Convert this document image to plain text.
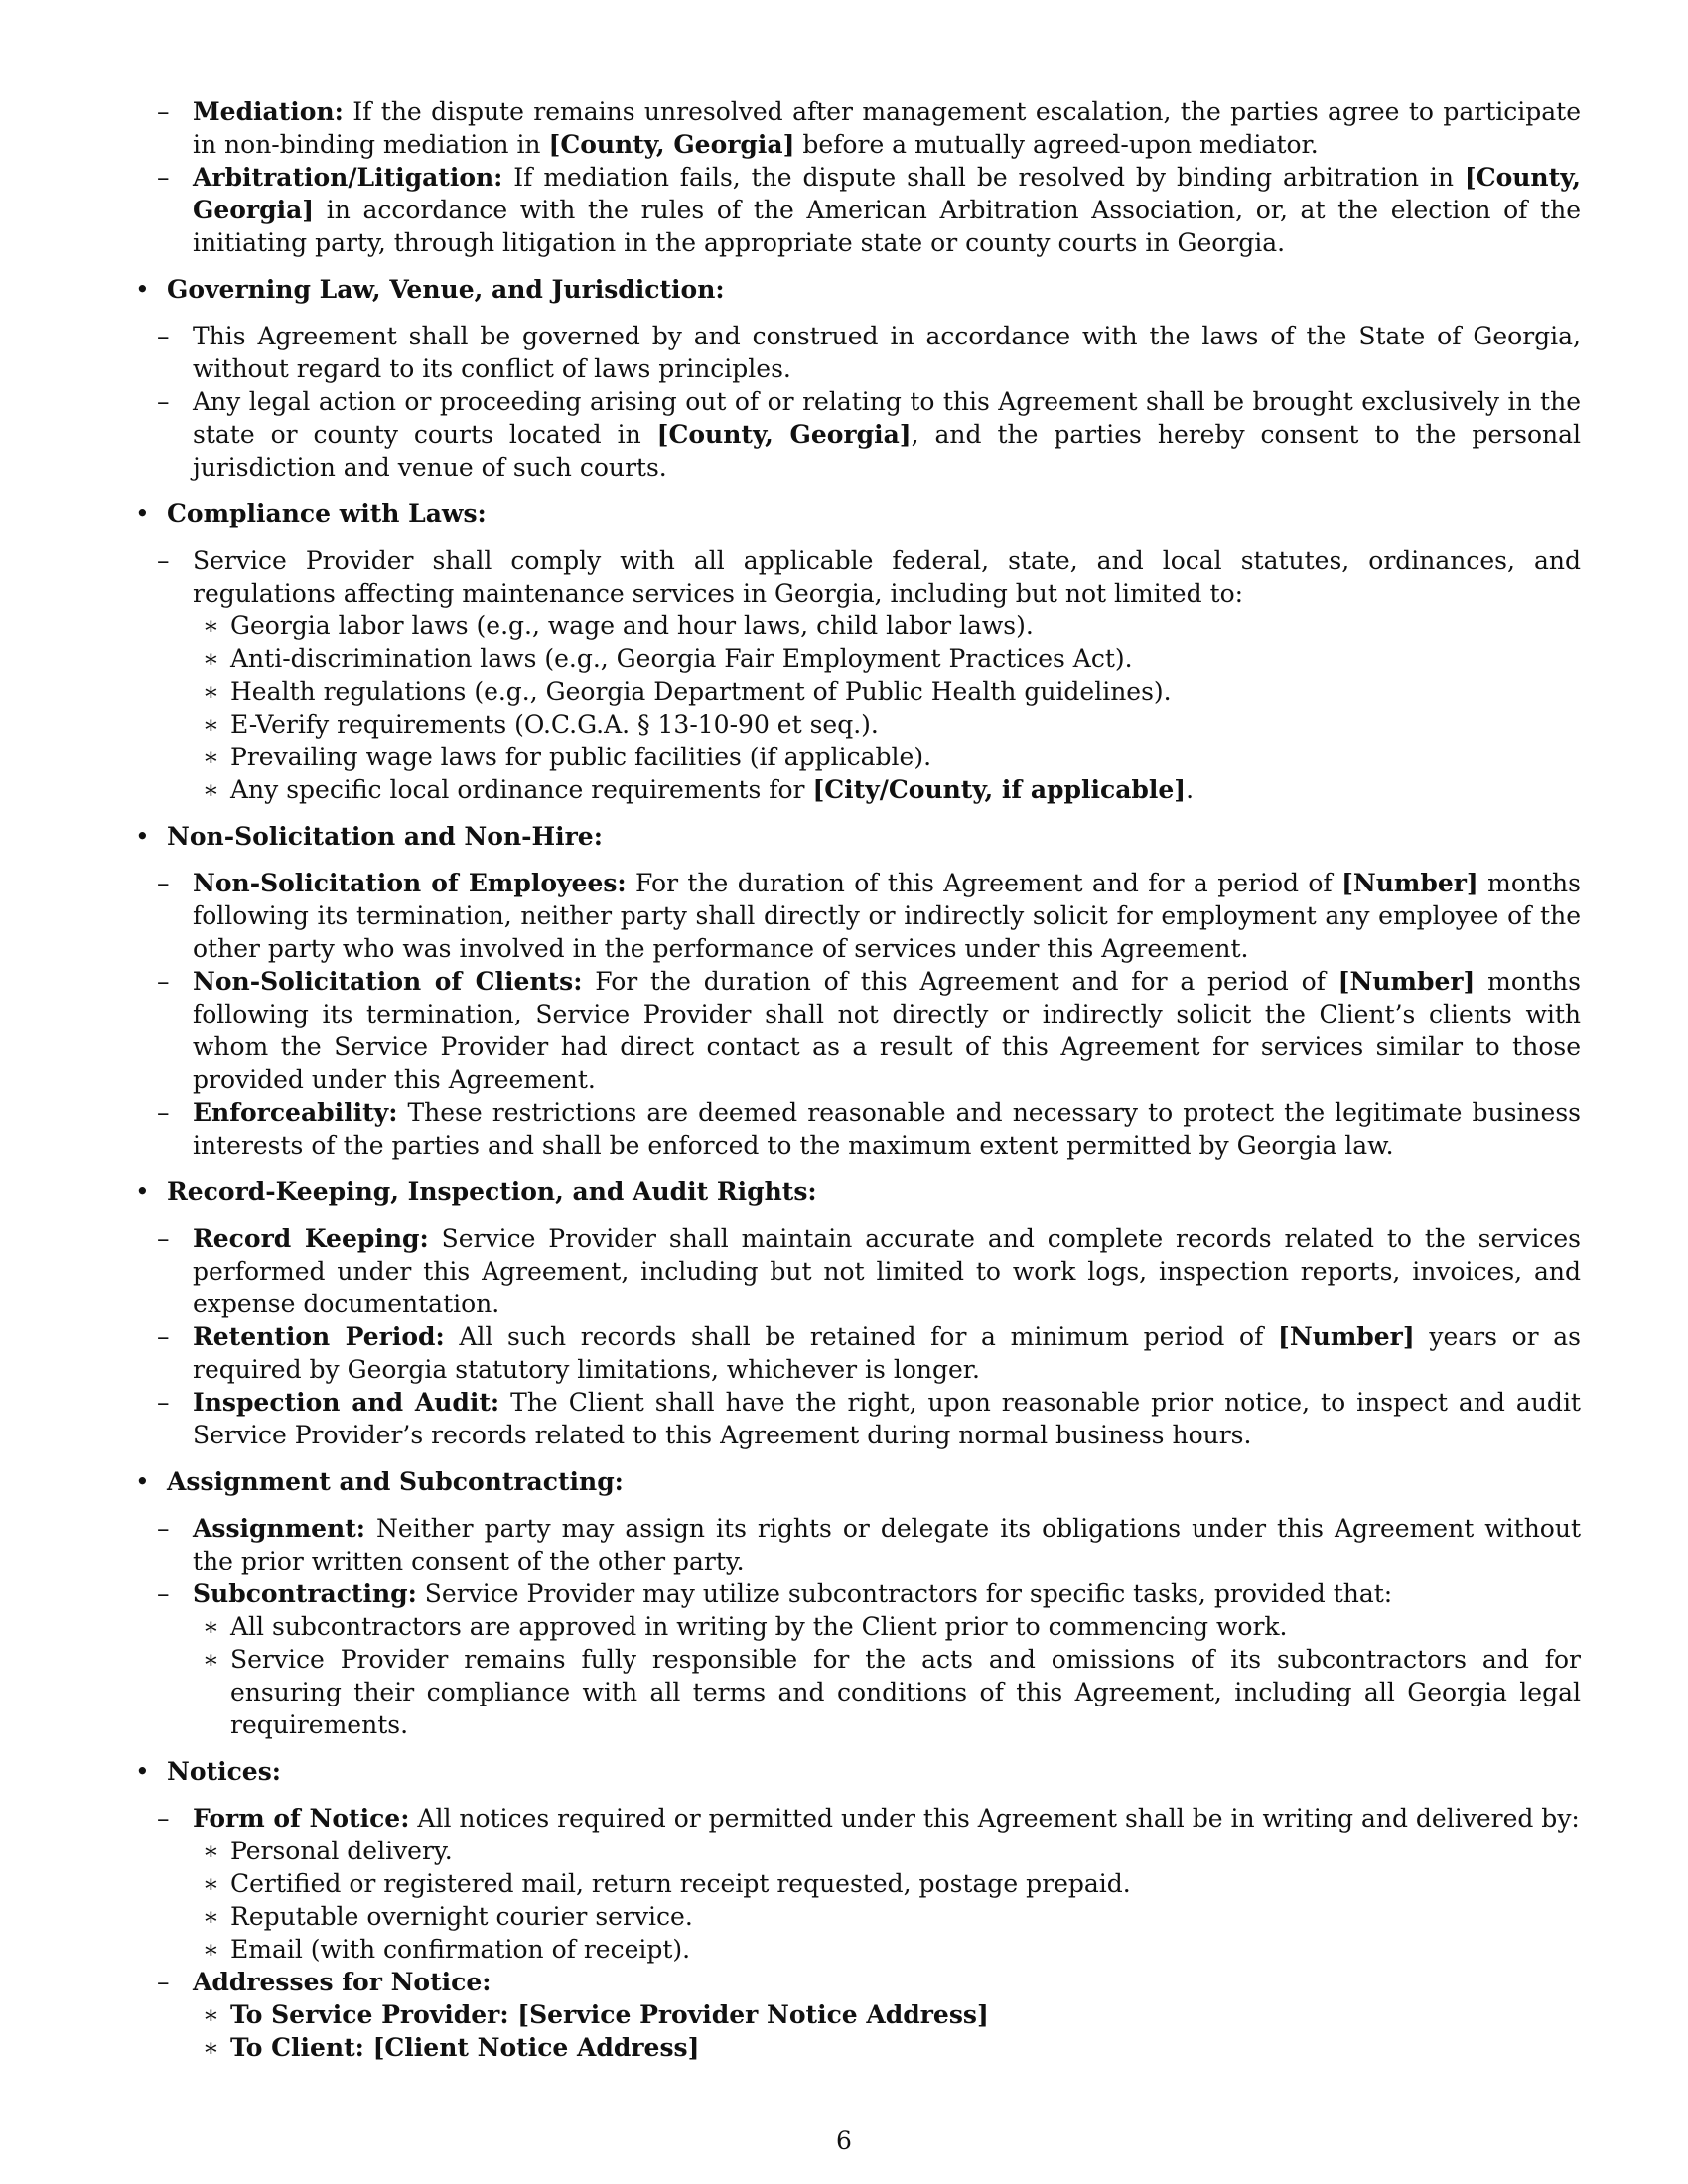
– Mediation: If the dispute remains unresolved after management escalation, the parties agree to participate in non-binding mediation in [County, Georgia] before a mutually agreed-upon mediator.

– Arbitration/Litigation: If mediation fails, the dispute shall be resolved by binding arbitration in [County, Georgia] in accordance with the rules of the American Arbitration Association, or, at the election of the initiating party, through litigation in the appropriate state or county courts in Georgia.

• Governing Law, Venue, and Jurisdiction:
– This Agreement shall be governed by and construed in accordance with the laws of the State of Georgia, without regard to its conflict of laws principles.

– Any legal action or proceeding arising out of or relating to this Agreement shall be brought exclusively in the state or county courts located in [County, Georgia], and the parties hereby consent to the personal jurisdiction and venue of such courts.

• Compliance with Laws:
– Service Provider shall comply with all applicable federal, state, and local statutes, ordinances, and regulations affecting maintenance services in Georgia, including but not limited to:

∗ Georgia labor laws (e.g., wage and hour laws, child labor laws).

∗ Anti-discrimination laws (e.g., Georgia Fair Employment Practices Act).

∗ Health regulations (e.g., Georgia Department of Public Health guidelines).

∗ E-Verify requirements (O.C.G.A. § 13-10-90 et seq.).

∗ Prevailing wage laws for public facilities (if applicable).

∗ Any specific local ordinance requirements for [City/County, if applicable].

• Non-Solicitation and Non-Hire:
– Non-Solicitation of Employees: For the duration of this Agreement and for a period of [Number] months following its termination, neither party shall directly or indirectly solicit for employment any employee of the other party who was involved in the performance of services under this Agreement.

– Non-Solicitation of Clients: For the duration of this Agreement and for a period of [Number] months following its termination, Service Provider shall not directly or indirectly solicit the Client’s clients with whom the Service Provider had direct contact as a result of this Agreement for services similar to those provided under this Agreement.

– Enforceability: These restrictions are deemed reasonable and necessary to protect the legitimate business interests of the parties and shall be enforced to the maximum extent permitted by Georgia law.

• Record-Keeping, Inspection, and Audit Rights:
– Record Keeping: Service Provider shall maintain accurate and complete records related to the services performed under this Agreement, including but not limited to work logs, inspection reports, invoices, and expense documentation.

– Retention Period: All such records shall be retained for a minimum period of [Number] years or as required by Georgia statutory limitations, whichever is longer.

– Inspection and Audit: The Client shall have the right, upon reasonable prior notice, to inspect and audit Service Provider’s records related to this Agreement during normal business hours.

• Assignment and Subcontracting:
– Assignment: Neither party may assign its rights or delegate its obligations under this Agreement without the prior written consent of the other party.

– Subcontracting: Service Provider may utilize subcontractors for specific tasks, provided that:

∗ All subcontractors are approved in writing by the Client prior to commencing work.

∗ Service Provider remains fully responsible for the acts and omissions of its subcontractors and for ensuring their compliance with all terms and conditions of this Agreement, including all Georgia legal requirements.

• Notices:
– Form of Notice: All notices required or permitted under this Agreement shall be in writing and delivered by:

∗ Personal delivery.

∗ Certified or registered mail, return receipt requested, postage prepaid.

∗ Reputable overnight courier service.

∗ Email (with confirmation of receipt).

– Addresses for Notice:

∗ To Service Provider: [Service Provider Notice Address]

∗ To Client: [Client Notice Address]

6
